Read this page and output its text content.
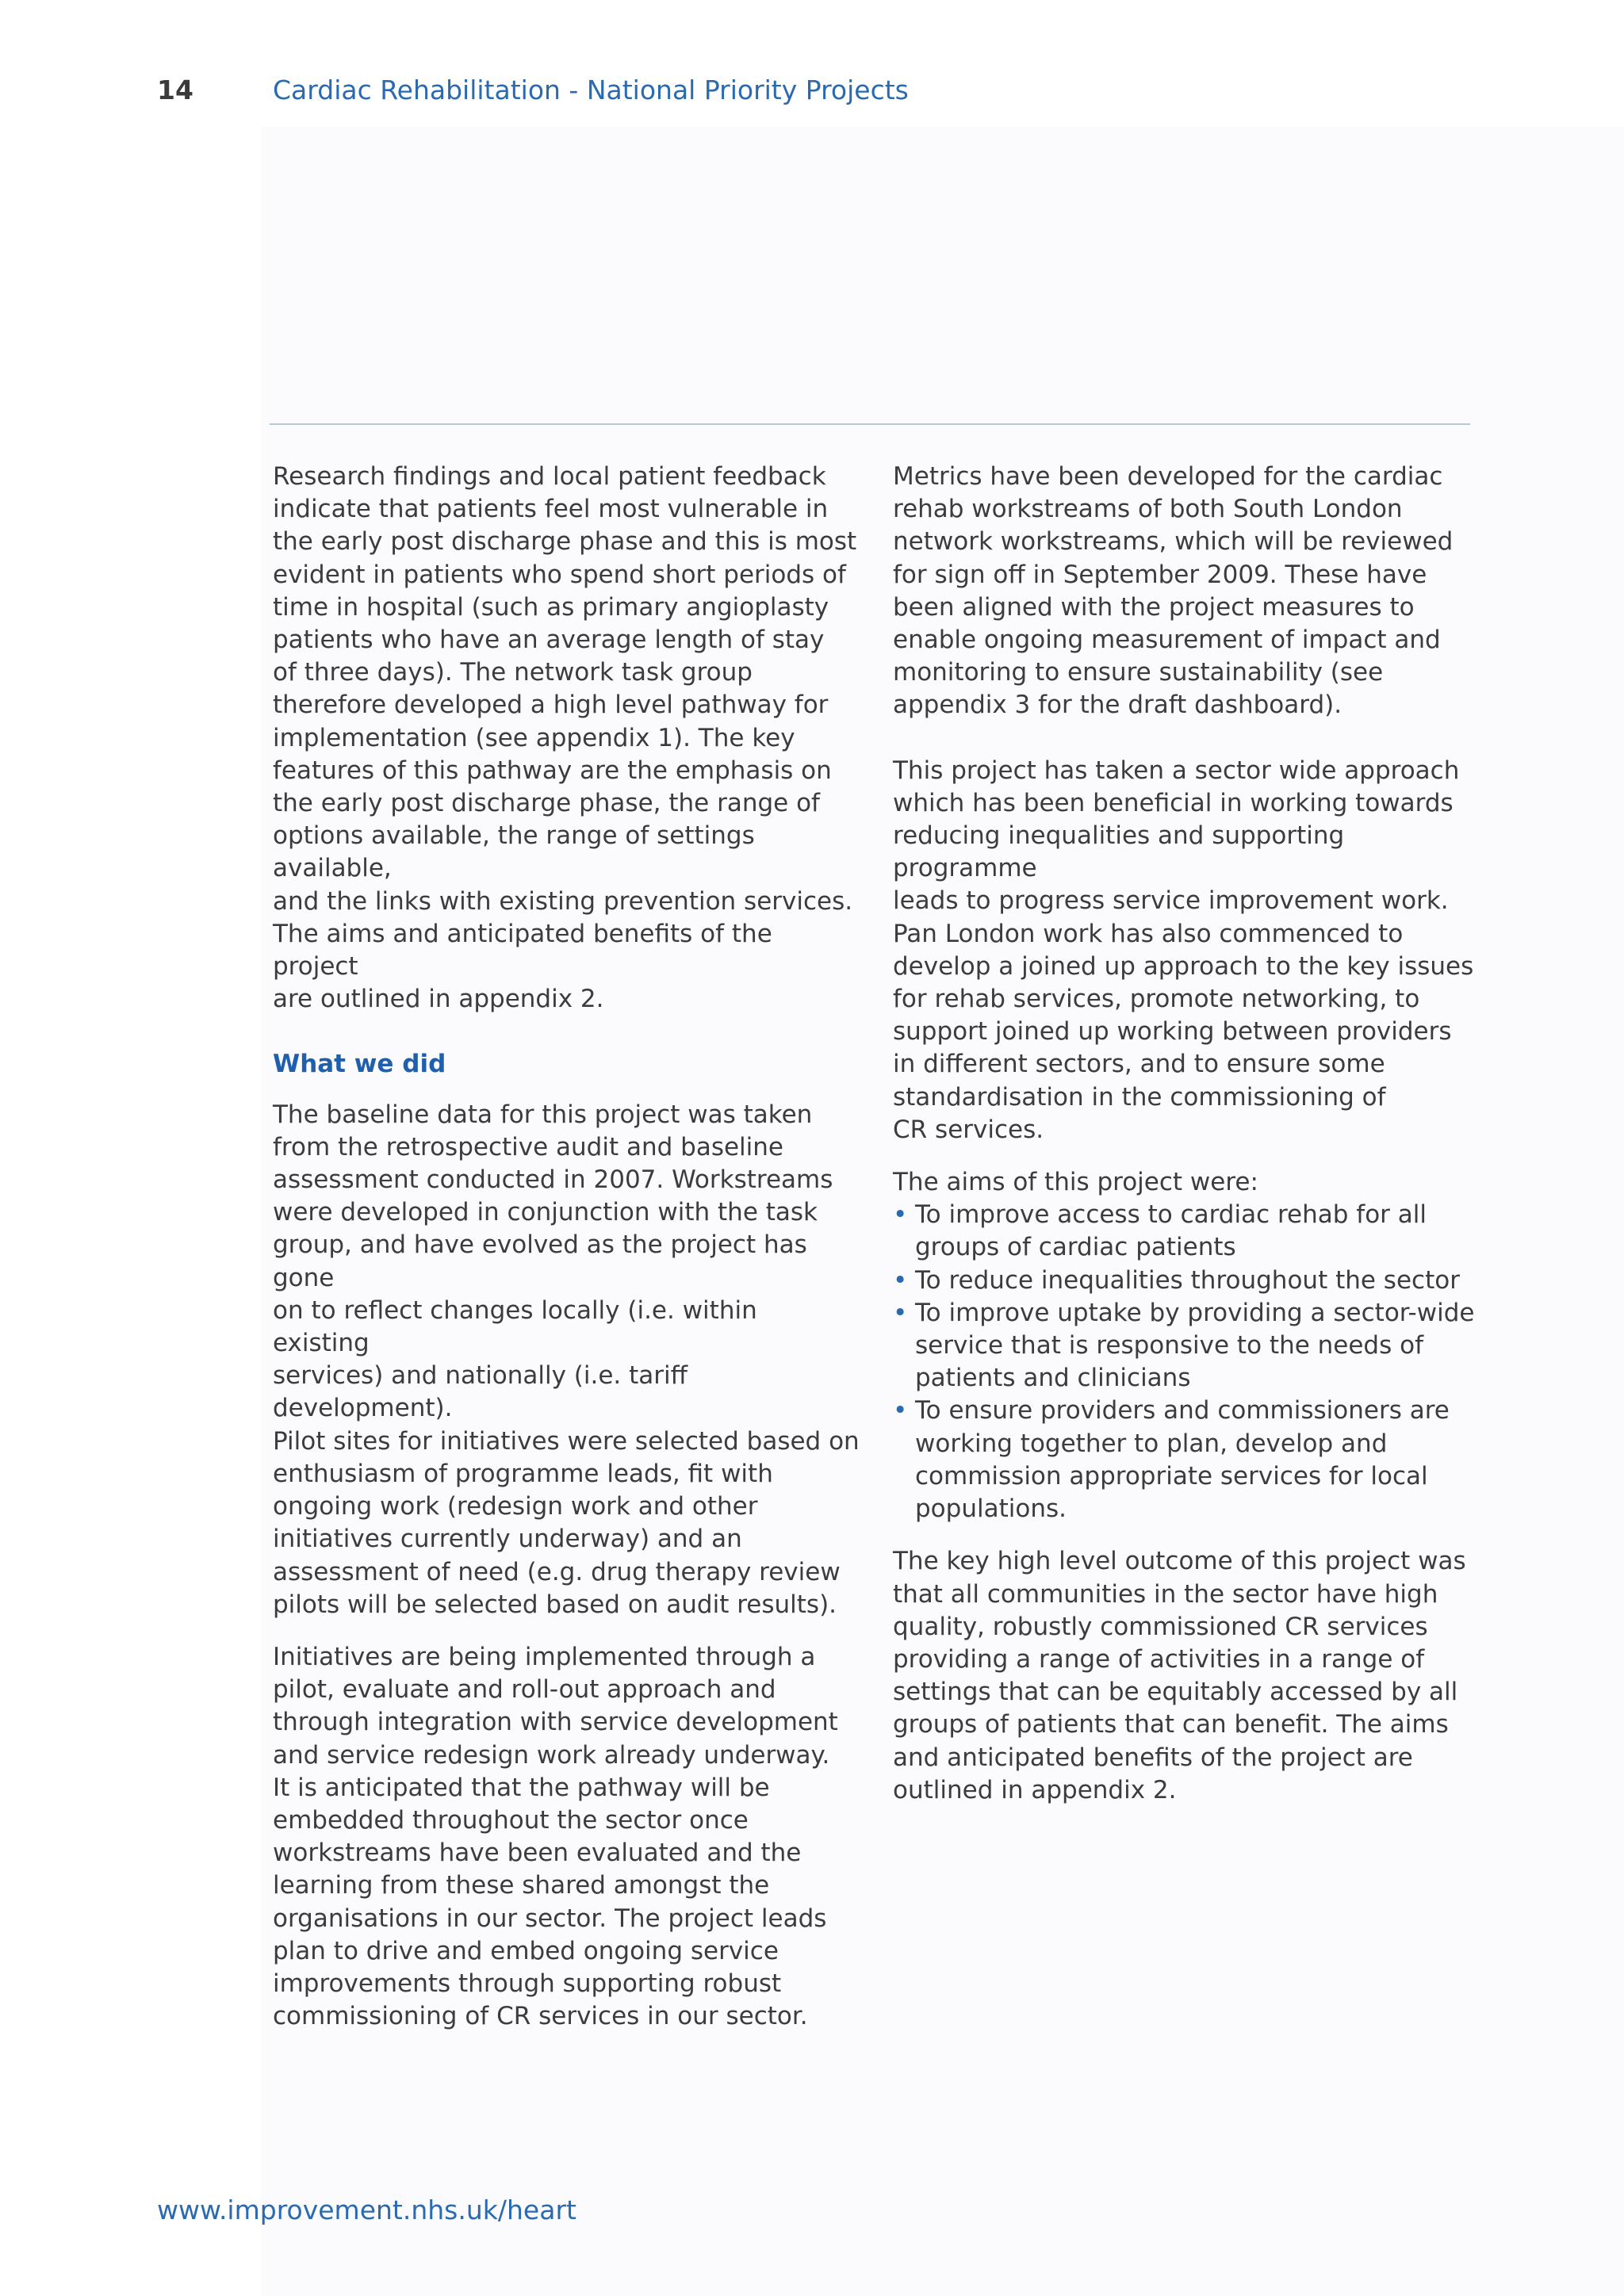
14	Cardiac Rehabilitation - National Priority Projects

Research findings and local patient feedback
indicate that patients feel most vulnerable in
the early post discharge phase and this is most
evident in patients who spend short periods of
time in hospital (such as primary angioplasty
patients who have an average length of stay
of three days). The network task group
therefore developed a high level pathway for
implementation (see appendix 1). The key
features of this pathway are the emphasis on
the early post discharge phase, the range of
options available, the range of settings available,
and the links with existing prevention services.
The aims and anticipated benefits of the project
are outlined in appendix 2.

What we did

The baseline data for this project was taken
from the retrospective audit and baseline
assessment conducted in 2007. Workstreams
were developed in conjunction with the task
group, and have evolved as the project has gone
on to reflect changes locally (i.e. within existing
services) and nationally (i.e. tariff development).
Pilot sites for initiatives were selected based on
enthusiasm of programme leads, fit with
ongoing work (redesign work and other
initiatives currently underway) and an
assessment of need (e.g. drug therapy review
pilots will be selected based on audit results).

Initiatives are being implemented through a
pilot, evaluate and roll-out approach and
through integration with service development
and service redesign work already underway.
It is anticipated that the pathway will be
embedded throughout the sector once
workstreams have been evaluated and the
learning from these shared amongst the
organisations in our sector. The project leads
plan to drive and embed ongoing service
improvements through supporting robust
commissioning of CR services in our sector.

Metrics have been developed for the cardiac
rehab workstreams of both South London
network workstreams, which will be reviewed
for sign off in September 2009. These have
been aligned with the project measures to
enable ongoing measurement of impact and
monitoring to ensure sustainability (see
appendix 3 for the draft dashboard).

This project has taken a sector wide approach
which has been beneficial in working towards
reducing inequalities and supporting programme
leads to progress service improvement work.
Pan London work has also commenced to
develop a joined up approach to the key issues
for rehab services, promote networking, to
support joined up working between providers
in different sectors, and to ensure some
standardisation in the commissioning of
CR services.

The aims of this project were:

• To improve access to cardiac rehab for all
groups of cardiac patients
• To reduce inequalities throughout the sector
• To improve uptake by providing a sector-wide
service that is responsive to the needs of
patients and clinicians
• To ensure providers and commissioners are
working together to plan, develop and
commission appropriate services for local
populations.

The key high level outcome of this project was
that all communities in the sector have high
quality, robustly commissioned CR services
providing a range of activities in a range of
settings that can be equitably accessed by all
groups of patients that can benefit. The aims
and anticipated benefits of the project are
outlined in appendix 2.

www.improvement.nhs.uk/heart
